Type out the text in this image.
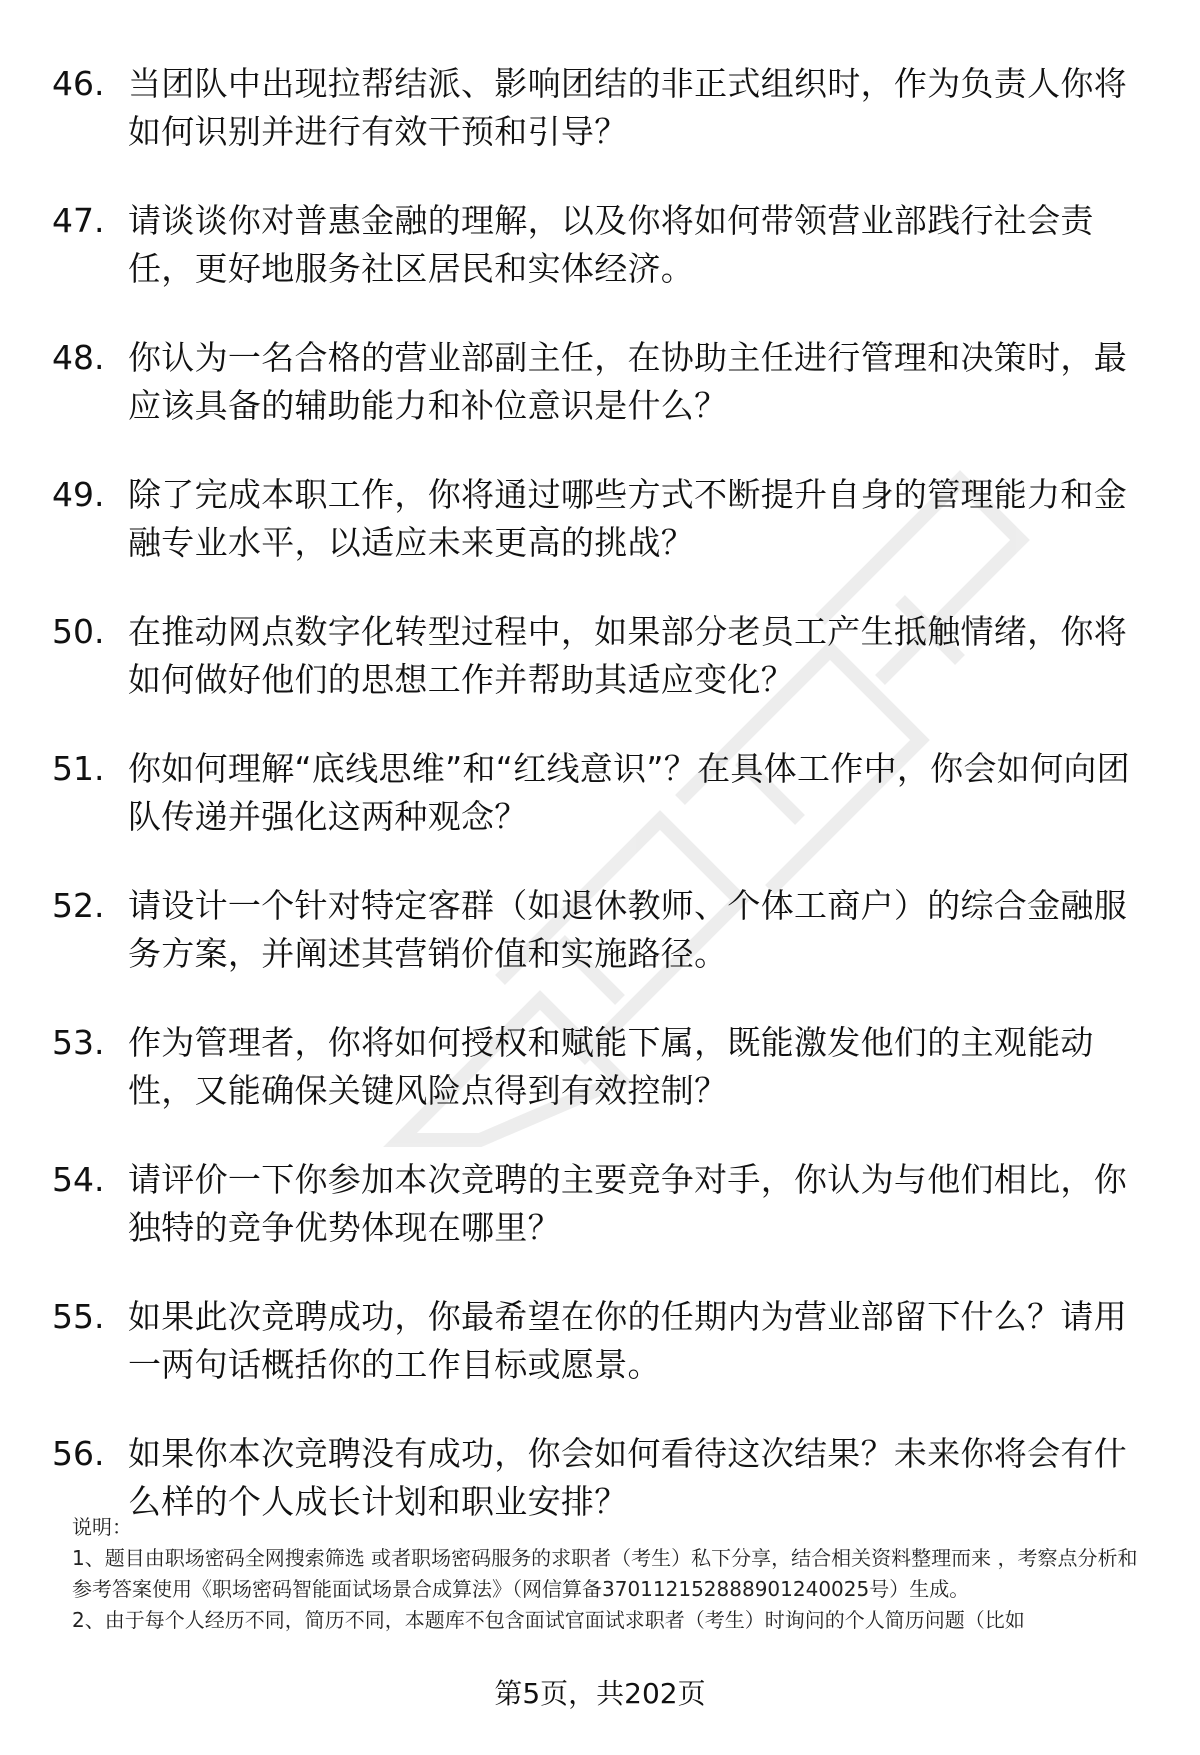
46. 当团队中出现拉帮结派、影响团结的非正式组织时，作为负责人你将如何识别并进行有效干预和引导？
47. 请谈谈你对普惠金融的理解，以及你将如何带领营业部践行社会责任，更好地服务社区居民和实体经济。
48. 你认为一名合格的营业部副主任，在协助主任进行管理和决策时，最应该具备的辅助能力和补位意识是什么？
49. 除了完成本职工作，你将通过哪些方式不断提升自身的管理能力和金融专业水平，以适应未来更高的挑战？
50. 在推动网点数字化转型过程中，如果部分老员工产生抵触情绪，你将如何做好他们的思想工作并帮助其适应变化？
51. 你如何理解“底线思维”和“红线意识”？在具体工作中，你会如何向团队传递并强化这两种观念？
52. 请设计一个针对特定客群（如退休教师、个体工商户）的综合金融服务方案，并阐述其营销价值和实施路径。
53. 作为管理者，你将如何授权和赋能下属，既能激发他们的主观能动性，又能确保关键风险点得到有效控制？
54. 请评价一下你参加本次竞聘的主要竞争对手，你认为与他们相比，你独特的竞争优势体现在哪里？
55. 如果此次竞聘成功，你最希望在你的任期内为营业部留下什么？请用一两句话概括你的工作目标或愿景。
56. 如果你本次竞聘没有成功，你会如何看待这次结果？未来你将会有什么样的个人成长计划和职业安排？

说明：

1、题目由职场密码全网搜索筛选 或者职场密码服务的求职者（考生）私下分享，结合相关资料整理而来 ，考察点分析和参考答案使用《职场密码智能面试场景合成算法》（网信算备370112152888901240025号）生成。

2、由于每个人经历不同，简历不同，本题库不包含面试官面试求职者（考生）时询问的个人简历问题（比如

第5页，共202页
